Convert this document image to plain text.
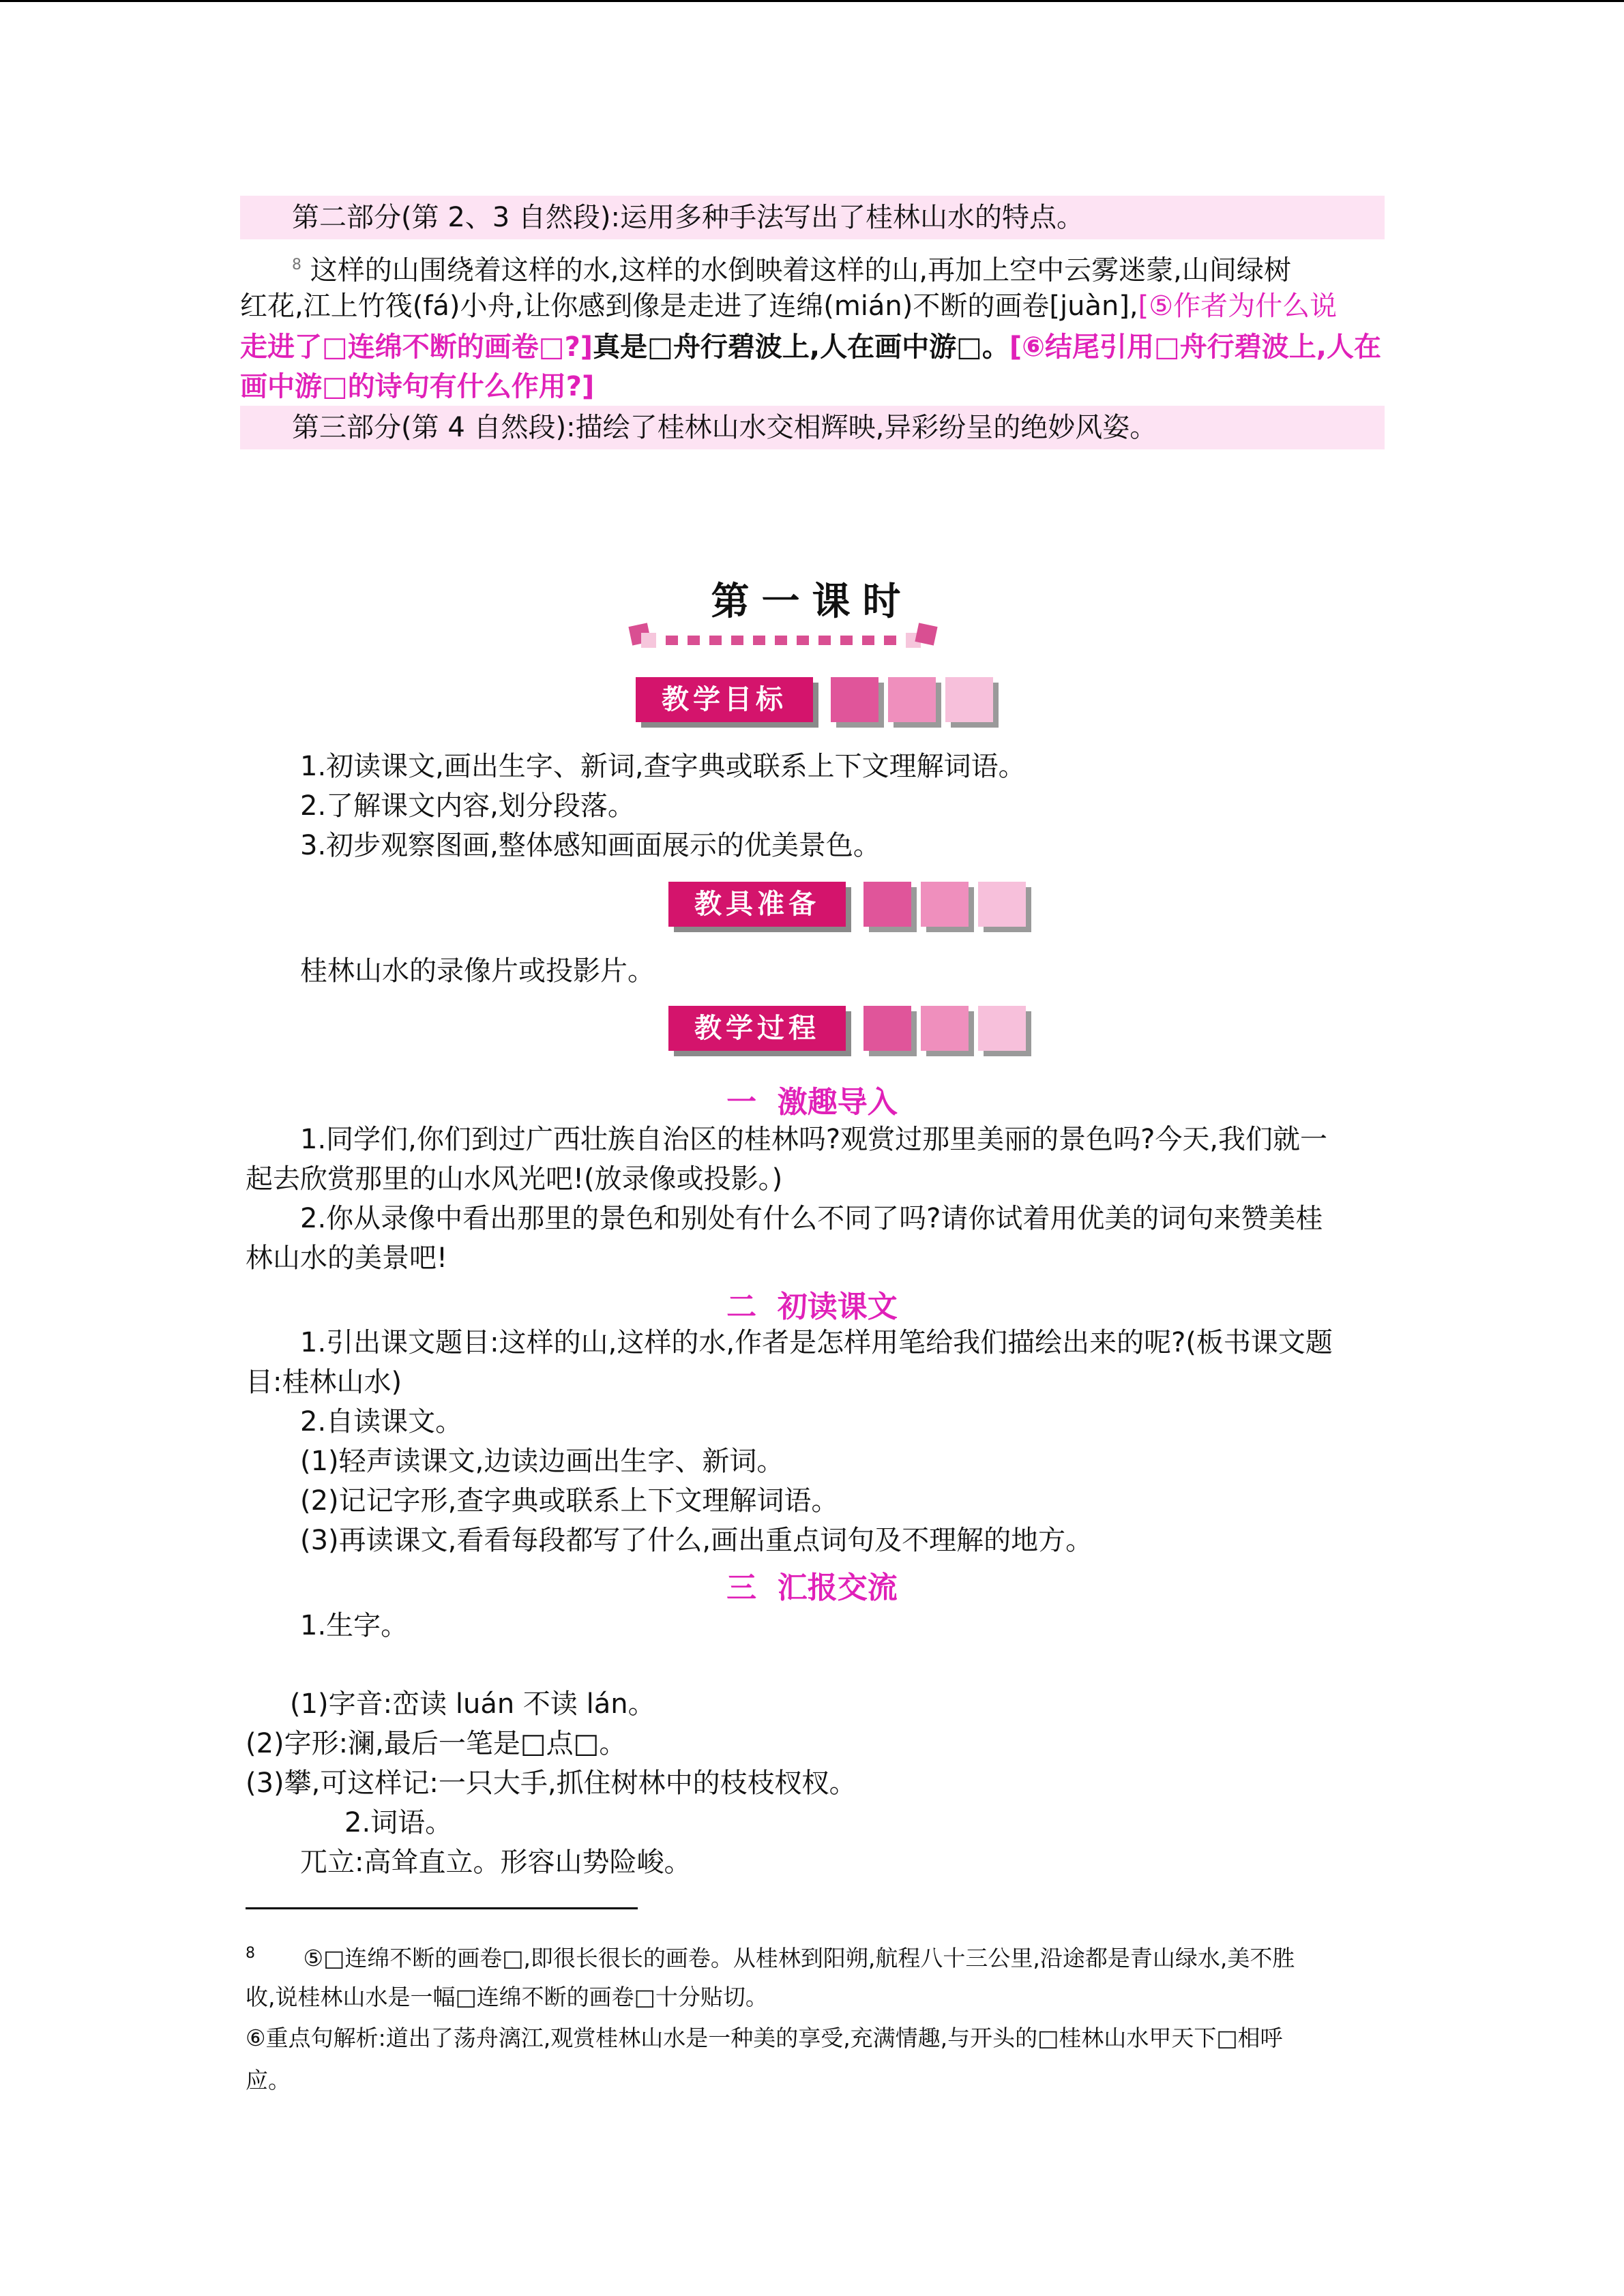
第二部分(第 2、3 自然段):运用多种手法写出了桂林山水的特点。
$^8$ 这样的山围绕着这样的水,这样的水倒映着这样的山,再加上空中云雾迷蒙,山间绿树
红花,江上竹筏(fá)小舟,让你感到像是走进了连绵(mián)不断的画卷[juàn],[⑤作者为什么说
走进了□连绵不断的画卷□?]真是□舟行碧波上,人在画中游□。[⑥结尾引用□舟行碧波上,人在
画中游□的诗句有什么作用?]
第三部分(第 4 自然段):描绘了桂林山水交相辉映,异彩纷呈的绝妙风姿。
第一课时
教学目标
1.初读课文,画出生字、新词,查字典或联系上下文理解词语。
2.了解课文内容,划分段落。
3.初步观察图画,整体感知画面展示的优美景色。
教具准备
桂林山水的录像片或投影片。
教学过程
一  激趣导入
1.同学们,你们到过广西壮族自治区的桂林吗?观赏过那里美丽的景色吗?今天,我们就一
起去欣赏那里的山水风光吧!(放录像或投影。)
2.你从录像中看出那里的景色和别处有什么不同了吗?请你试着用优美的词句来赞美桂
林山水的美景吧!
二  初读课文
1.引出课文题目:这样的山,这样的水,作者是怎样用笔给我们描绘出来的呢?(板书课文题
目:桂林山水)
2.自读课文。
(1)轻声读课文,边读边画出生字、新词。
(2)记记字形,查字典或联系上下文理解词语。
(3)再读课文,看看每段都写了什么,画出重点词句及不理解的地方。
三  汇报交流
1.生字。
(1)字音:峦读 luán 不读 lán。
(2)字形:澜,最后一笔是□点□。
(3)攀,可这样记:一只大手,抓住树林中的枝枝杈杈。
2.词语。
兀立:高耸直立。形容山势险峻。
$^8$ ⑤□连绵不断的画卷□,即很长很长的画卷。从桂林到阳朔,航程八十三公里,沿途都是青山绿水,美不胜
收,说桂林山水是一幅□连绵不断的画卷□十分贴切。
⑥重点句解析:道出了荡舟漓江,观赏桂林山水是一种美的享受,充满情趣,与开头的□桂林山水甲天下□相呼
应。
